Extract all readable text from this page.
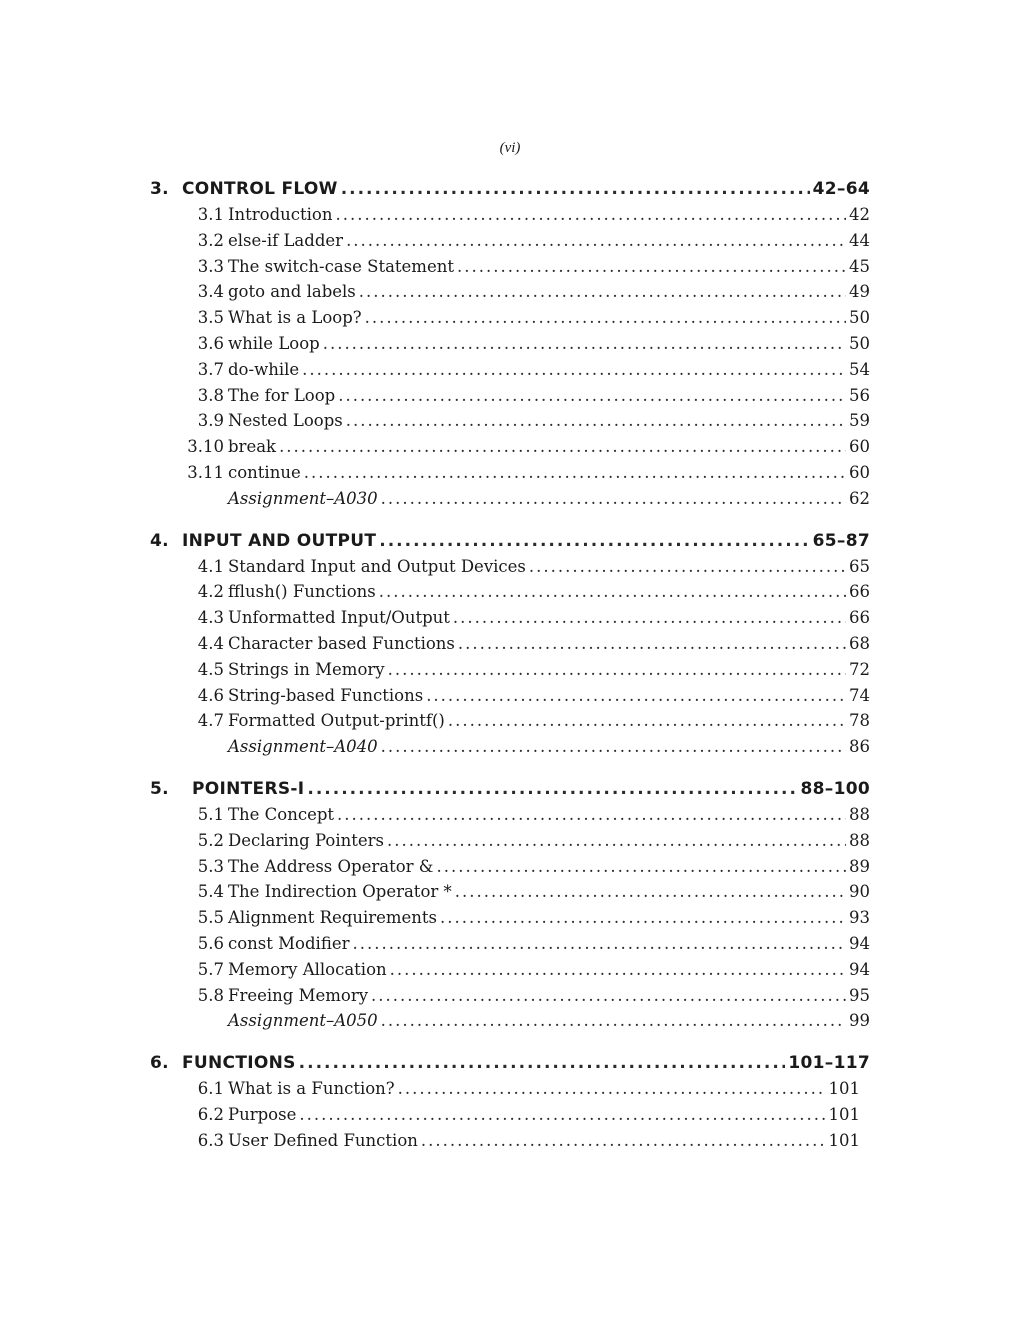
(vi)
3. CONTROL FLOW .....	42–64
3.1 Introduction .....	42
3.2 else-if Ladder .....	44
3.3 The switch-case Statement .....	45
3.4 goto and labels .....	49
3.5 What is a Loop? .....	50
3.6 while Loop .....	50
3.7 do-while .....	54
3.8 The for Loop .....	56
3.9 Nested Loops .....	59
3.10 break .....	60
3.11 continue .....	60
Assignment–A030 .....	62
4. INPUT AND OUTPUT .....	65–87
4.1 Standard Input and Output Devices .....	65
4.2 fflush() Functions .....	66
4.3 Unformatted Input/Output .....	66
4.4 Character based Functions .....	68
4.5 Strings in Memory .....	72
4.6 String-based Functions .....	74
4.7 Formatted Output-printf() .....	78
Assignment–A040 .....	86
5.	POINTERS-I .....	88–100
5.1 The Concept .....	88
5.2 Declaring Pointers .....	88
5.3 The Address Operator & .....	89
5.4 The Indirection Operator * .....	90
5.5 Alignment Requirements .....	93
5.6 const Modifier .....	94
5.7 Memory Allocation .....	94
5.8 Freeing Memory .....	95
Assignment–A050 .....	99
6. FUNCTIONS .....	101–117
6.1 What is a Function? .....	101
6.2 Purpose .....	101
6.3 User Defined Function .....	101
